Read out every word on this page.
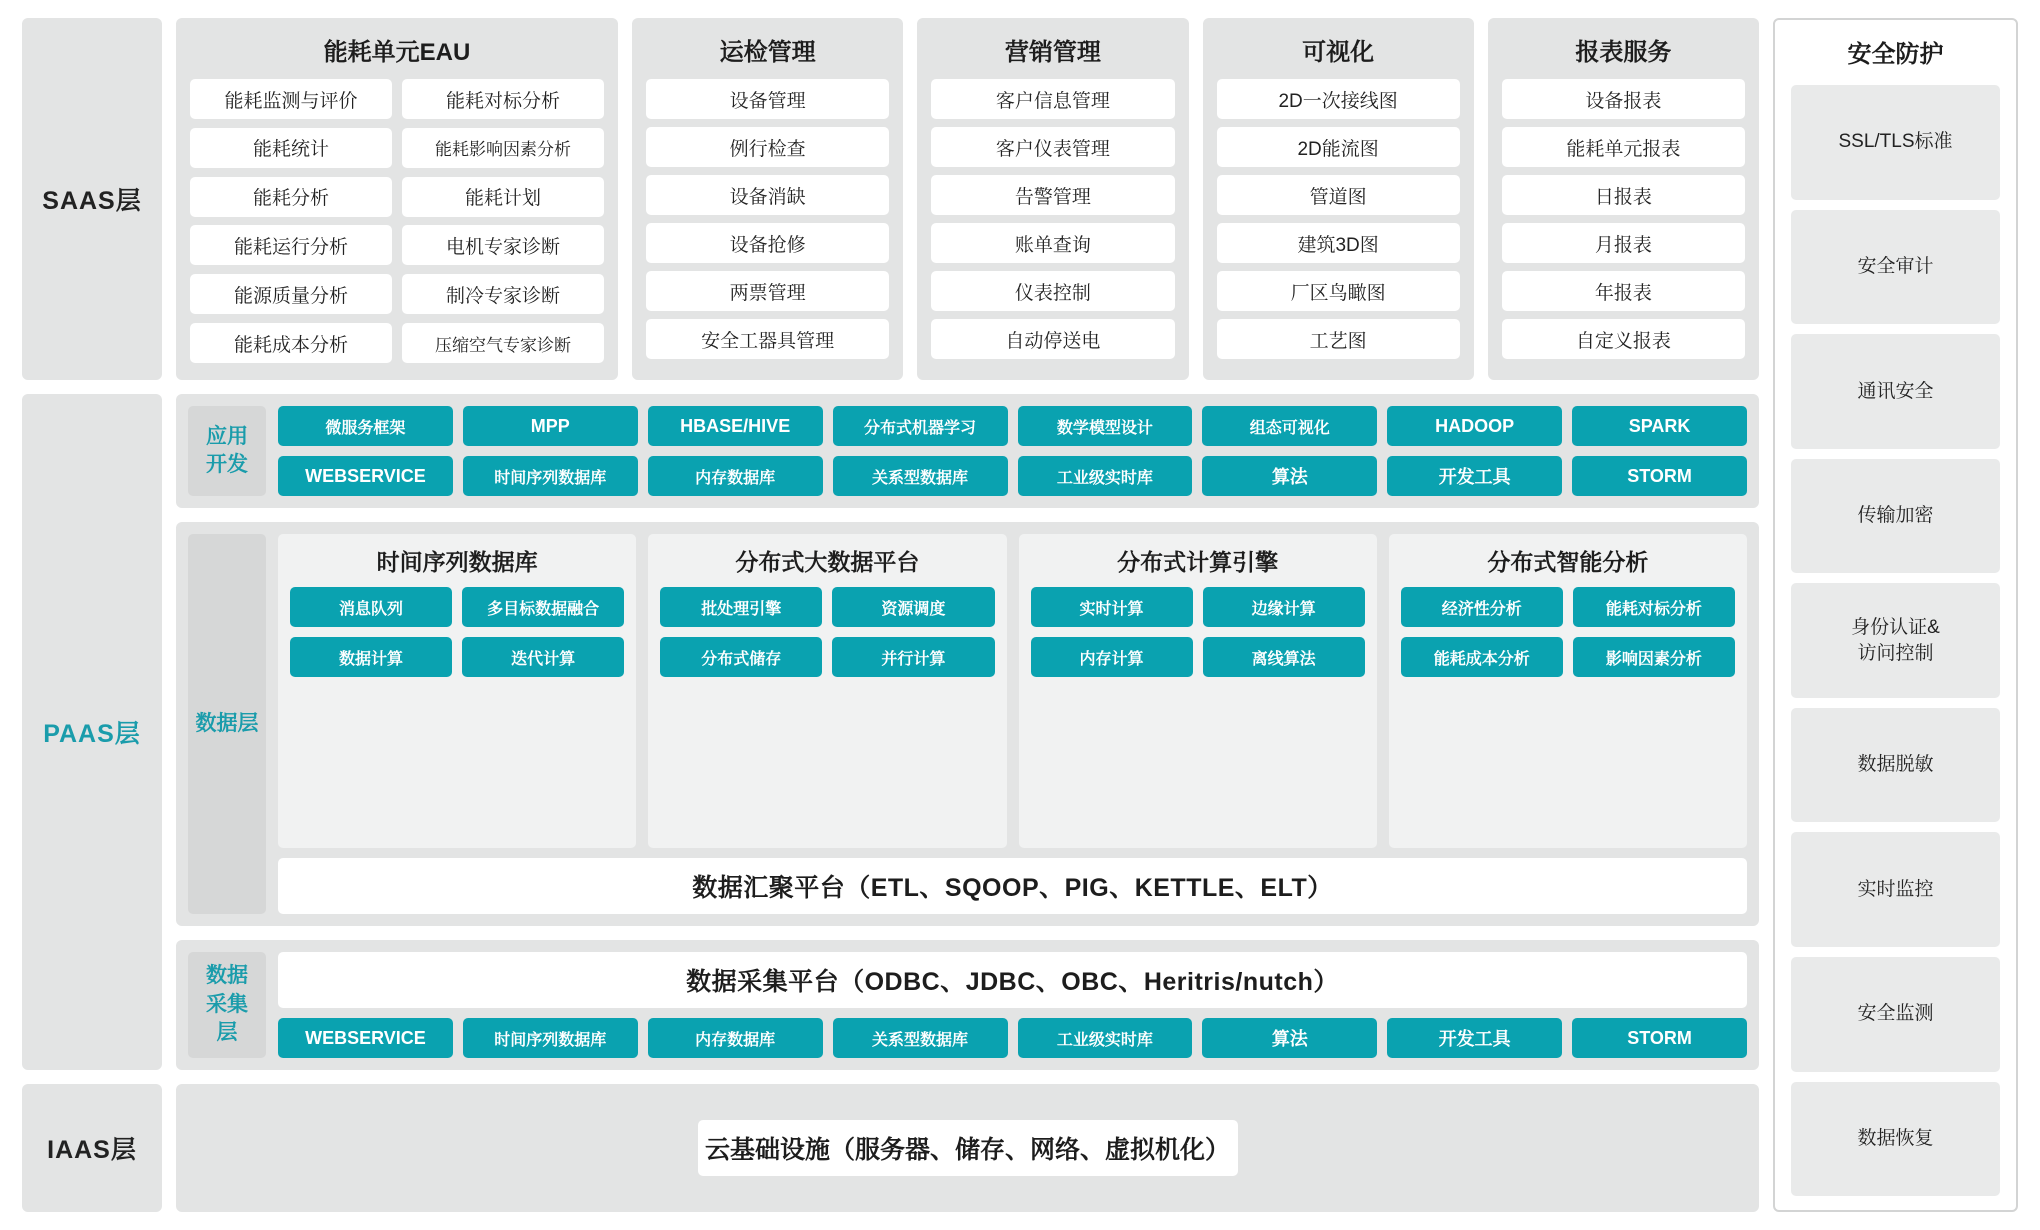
SAAS层
能耗单元EAU
能耗监测与评价	能耗对标分析
能耗统计	能耗影响因素分析
能耗分析	能耗计划
能耗运行分析	电机专家诊断
能源质量分析	制冷专家诊断
能耗成本分析	压缩空气专家诊断
运检管理
设备管理
例行检查
设备消缺
设备抢修
两票管理
安全工器具管理
营销管理
客户信息管理
客户仪表管理
告警管理
账单查询
仪表控制
自动停送电
可视化
2D一次接线图
2D能流图
管道图
建筑3D图
厂区鸟瞰图
工艺图
报表服务
设备报表
能耗单元报表
日报表
月报表
年报表
自定义报表
PAAS层
应用
开发
微服务框架	MPP	HBASE/HIVE	分布式机器学习	数学模型设计	组态可视化	HADOOP	SPARK
WEBSERVICE	时间序列数据库	内存数据库	关系型数据库	工业级实时库	算法	开发工具	STORM
数据层
时间序列数据库
消息队列	多目标数据融合
数据计算	迭代计算
分布式大数据平台
批处理引擎	资源调度
分布式储存	并行计算
分布式计算引擎
实时计算	边缘计算
内存计算	离线算法
分布式智能分析
经济性分析	能耗对标分析
能耗成本分析	影响因素分析
数据汇聚平台（ETL、SQOOP、PIG、KETTLE、ELT）
数据
采集
层
数据采集平台（ODBC、JDBC、OBC、Heritris/nutch）
WEBSERVICE	时间序列数据库	内存数据库	关系型数据库	工业级实时库	算法	开发工具	STORM
IAAS层	云基础设施（服务器、储存、网络、虚拟机化）
安全防护
SSL/TLS标准
安全审计
通讯安全
传输加密
身份认证&
访问控制
数据脱敏
实时监控
安全监测
数据恢复
